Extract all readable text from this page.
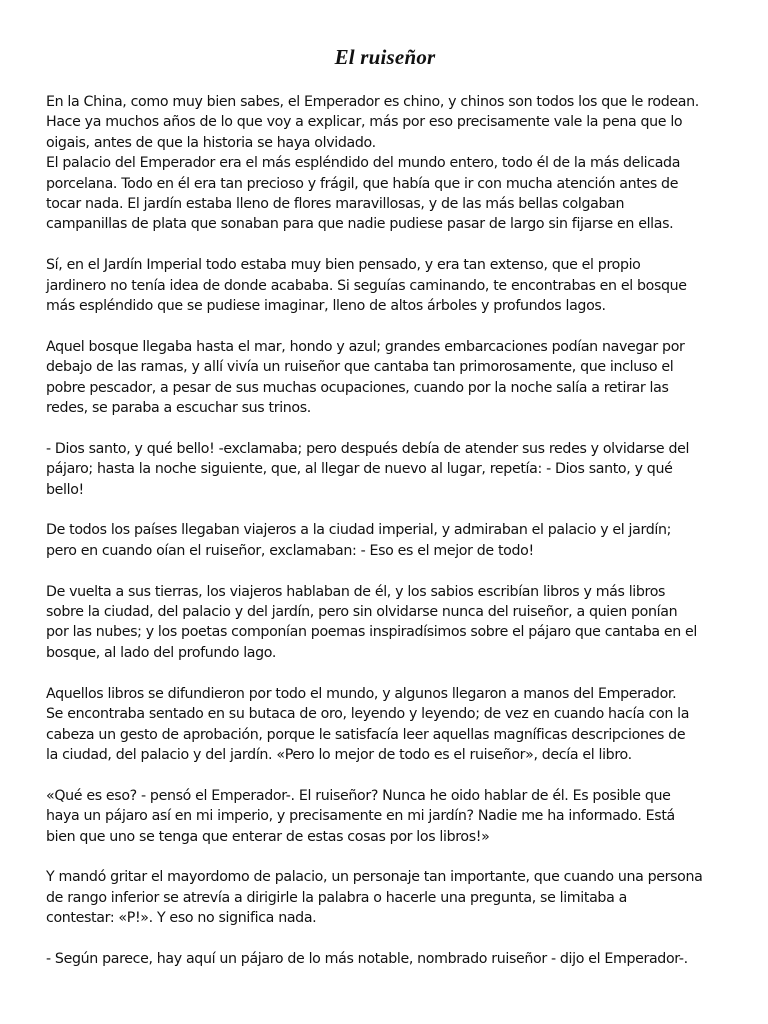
El ruiseñor

En la China, como muy bien sabes, el Emperador es chino, y chinos son todos los que le rodean.
Hace ya muchos años de lo que voy a explicar, más por eso precisamente vale la pena que lo
oigais, antes de que la historia se haya olvidado.

El palacio del Emperador era el más espléndido del mundo entero, todo él de la más delicada
porcelana. Todo en él era tan precioso y frágil, que había que ir con mucha atención antes de
tocar nada. El jardín estaba lleno de flores maravillosas, y de las más bellas colgaban
campanillas de plata que sonaban para que nadie pudiese pasar de largo sin fijarse en ellas.

Sí, en el Jardín Imperial todo estaba muy bien pensado, y era tan extenso, que el propio
jardinero no tenía idea de donde acababa. Si seguías caminando, te encontrabas en el bosque
más espléndido que se pudiese imaginar, lleno de altos árboles y profundos lagos.

Aquel bosque llegaba hasta el mar, hondo y azul; grandes embarcaciones podían navegar por
debajo de las ramas, y allí vivía un ruiseñor que cantaba tan primorosamente, que incluso el
pobre pescador, a pesar de sus muchas ocupaciones, cuando por la noche salía a retirar las
redes, se paraba a escuchar sus trinos.

- Dios santo, y qué bello! -exclamaba; pero después debía de atender sus redes y olvidarse del
pájaro; hasta la noche siguiente, que, al llegar de nuevo al lugar, repetía: - Dios santo, y qué
bello!

De todos los países llegaban viajeros a la ciudad imperial, y admiraban el palacio y el jardín;
pero en cuando oían el ruiseñor, exclamaban: - Eso es el mejor de todo!

De vuelta a sus tierras, los viajeros hablaban de él, y los sabios escribían libros y más libros
sobre la ciudad, del palacio y del jardín, pero sin olvidarse nunca del ruiseñor, a quien ponían
por las nubes; y los poetas componían poemas inspiradísimos sobre el pájaro que cantaba en el
bosque, al lado del profundo lago.

Aquellos libros se difundieron por todo el mundo, y algunos llegaron a manos del Emperador.
Se encontraba sentado en su butaca de oro, leyendo y leyendo; de vez en cuando hacía con la
cabeza un gesto de aprobación, porque le satisfacía leer aquellas magníficas descripciones de
la ciudad, del palacio y del jardín. «Pero lo mejor de todo es el ruiseñor», decía el libro.

«Qué es eso? - pensó el Emperador-. El ruiseñor? Nunca he oido hablar de él. Es posible que
haya un pájaro así en mi imperio, y precisamente en mi jardín? Nadie me ha informado. Está
bien que uno se tenga que enterar de estas cosas por los libros!»

Y mandó gritar el mayordomo de palacio, un personaje tan importante, que cuando una persona
de rango inferior se atrevía a dirigirle la palabra o hacerle una pregunta, se limitaba a
contestar: «P!». Y eso no significa nada.

- Según parece, hay aquí un pájaro de lo más notable, nombrado ruiseñor - dijo el Emperador-.
